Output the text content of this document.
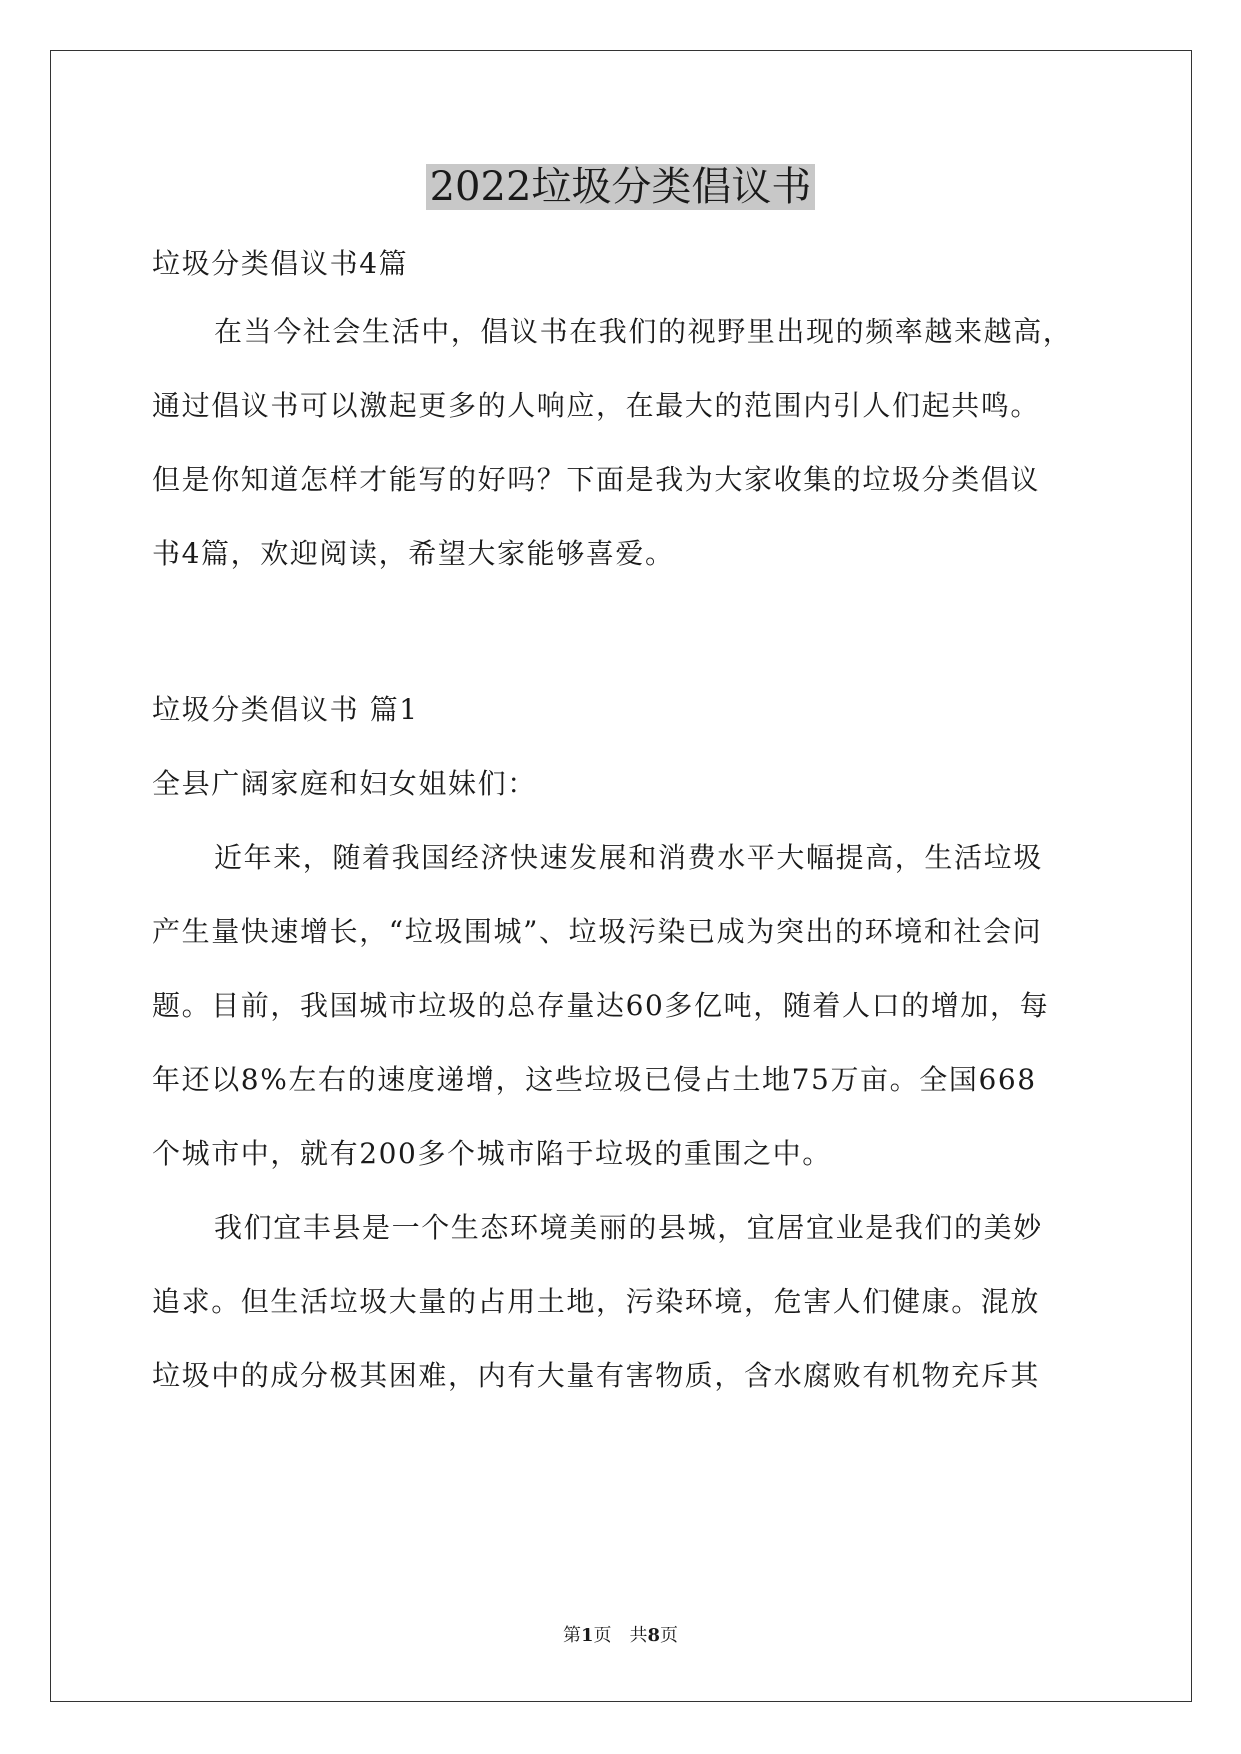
2022垃圾分类倡议书
垃圾分类倡议书4篇
在当今社会生活中，倡议书在我们的视野里出现的频率越来越高，
通过倡议书可以激起更多的人响应，在最大的范围内引人们起共鸣。
但是你知道怎样才能写的好吗？下面是我为大家收集的垃圾分类倡议
书4篇，欢迎阅读，希望大家能够喜爱。
垃圾分类倡议书 篇1
全县广阔家庭和妇女姐妹们：
近年来，随着我国经济快速发展和消费水平大幅提高，生活垃圾
产生量快速增长，“垃圾围城”、垃圾污染已成为突出的环境和社会问
题。目前，我国城市垃圾的总存量达60多亿吨，随着人口的增加，每
年还以8%左右的速度递增，这些垃圾已侵占土地75万亩。全国668
个城市中，就有200多个城市陷于垃圾的重围之中。
我们宜丰县是一个生态环境美丽的县城，宜居宜业是我们的美妙
追求。但生活垃圾大量的占用土地，污染环境，危害人们健康。混放
垃圾中的成分极其困难，内有大量有害物质，含水腐败有机物充斥其
第1页　共8页
